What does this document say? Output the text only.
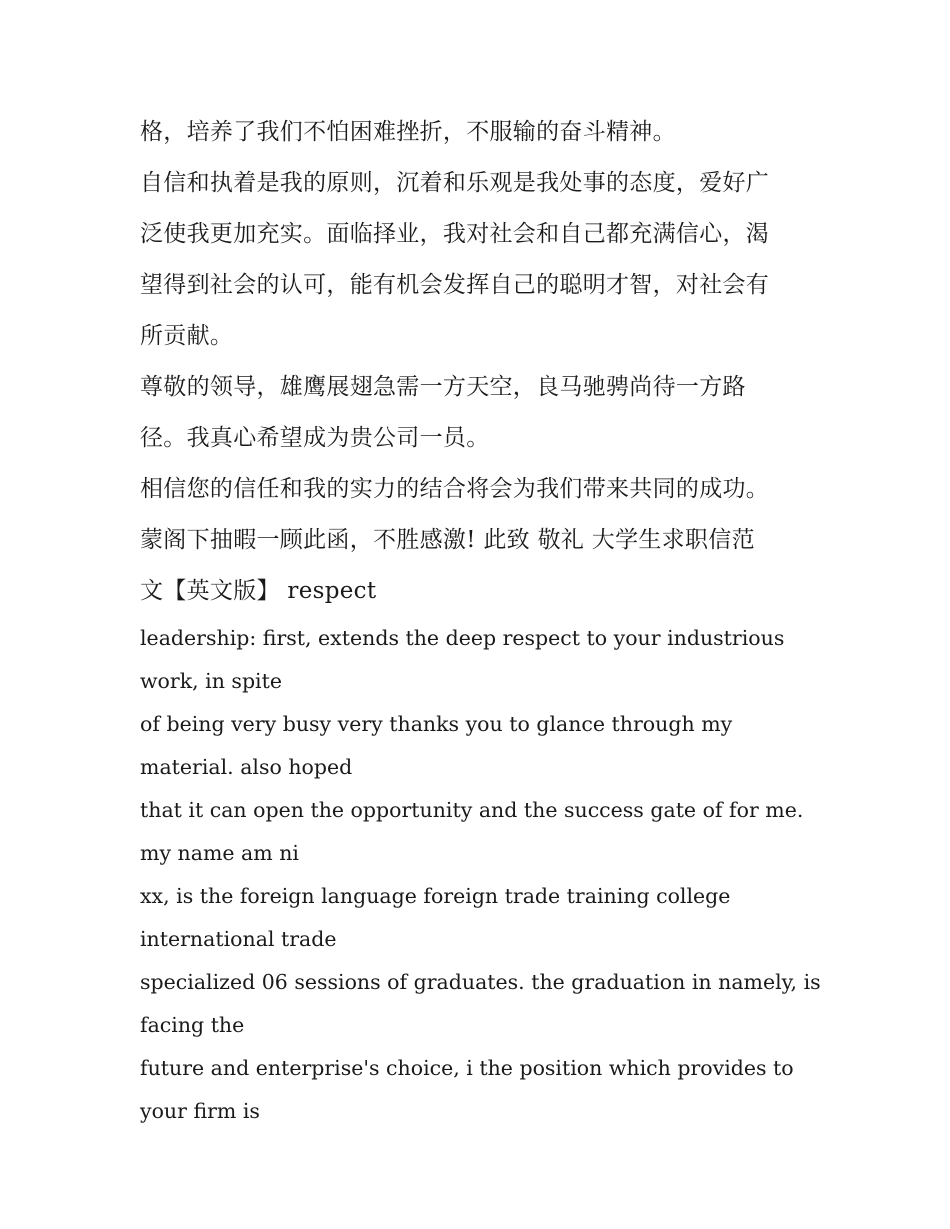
格，培养了我们不怕困难挫折，不服输的奋斗精神。
自信和执着是我的原则，沉着和乐观是我处事的态度，爱好广
泛使我更加充实。面临择业，我对社会和自己都充满信心，渴
望得到社会的认可，能有机会发挥自己的聪明才智，对社会有
所贡献。
尊敬的领导，雄鹰展翅急需一方天空，良马驰骋尚待一方路
径。我真心希望成为贵公司一员。
相信您的信任和我的实力的结合将会为我们带来共同的成功。
蒙阁下抽暇一顾此函，不胜感激! 此致 敬礼 大学生求职信范
文【英文版】 respect
leadership: first, extends the deep respect to your industrious
work, in spite
of being very busy very thanks you to glance through my
material. also hoped
that it can open the opportunity and the success gate of for me.
my name am ni
xx, is the foreign language foreign trade training college
international trade
specialized 06 sessions of graduates. the graduation in namely, is
facing the
future and enterprise's choice, i the position which provides to
your firm is
